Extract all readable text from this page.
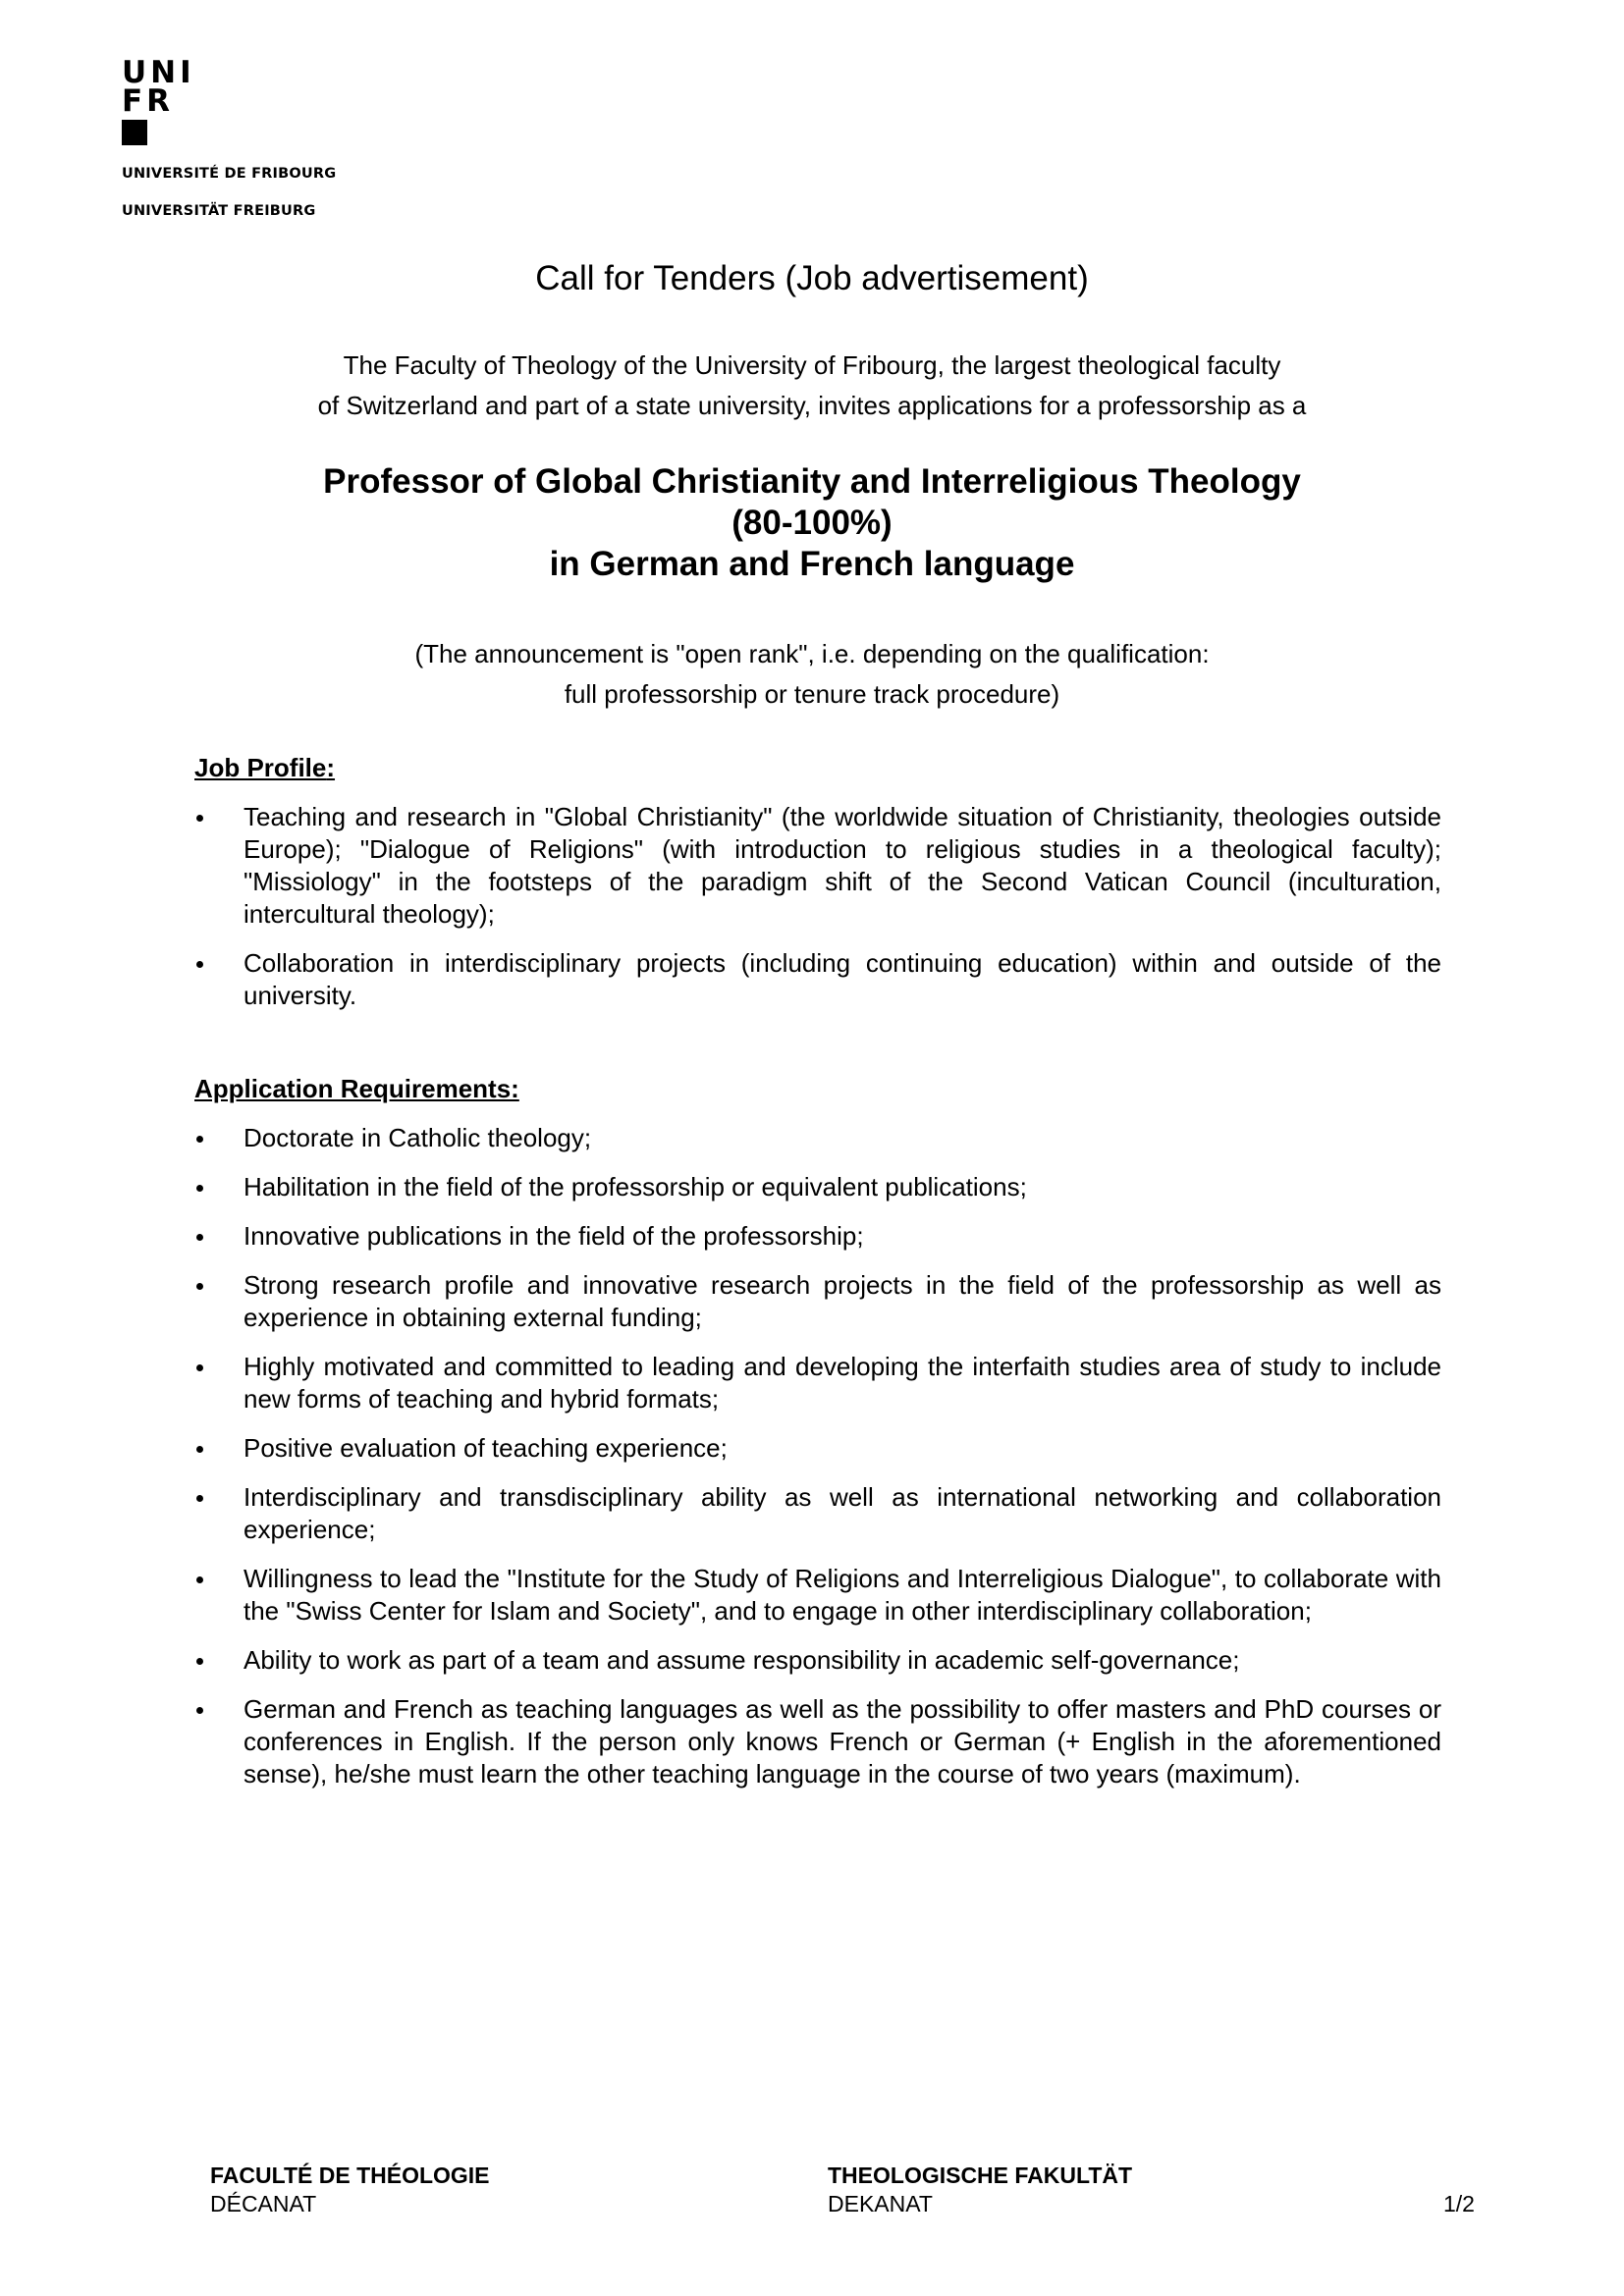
UNI
FR
UNIVERSITÉ DE FRIBOURG
UNIVERSITÄT FREIBURG
Call for Tenders (Job advertisement)
The Faculty of Theology of the University of Fribourg, the largest theological faculty
of Switzerland and part of a state university, invites applications for a professorship as a
Professor of Global Christianity and Interreligious Theology
(80-100%)
in German and French language
(The announcement is "open rank", i.e. depending on the qualification:
full professorship or tenure track procedure)
Job Profile:
Teaching and research in "Global Christianity" (the worldwide situation of Christianity, theologies outside Europe); "Dialogue of Religions" (with introduction to religious studies in a theological faculty); "Missiology" in the footsteps of the paradigm shift of the Second Vatican Council (inculturation, intercultural theology);
Collaboration in interdisciplinary projects (including continuing education) within and outside of the university.
Application Requirements:
Doctorate in Catholic theology;
Habilitation in the field of the professorship or equivalent publications;
Innovative publications in the field of the professorship;
Strong research profile and innovative research projects in the field of the professorship as well as experience in obtaining external funding;
Highly motivated and committed to leading and developing the interfaith studies area of study to include new forms of teaching and hybrid formats;
Positive evaluation of teaching experience;
Interdisciplinary and transdisciplinary ability as well as international networking and collaboration experience;
Willingness to lead the "Institute for the Study of Religions and Interreligious Dialogue", to collaborate with the "Swiss Center for Islam and Society", and to engage in other interdisciplinary collaboration;
Ability to work as part of a team and assume responsibility in academic self-governance;
German and French as teaching languages as well as the possibility to offer masters and PhD courses or conferences in English. If the person only knows French or German (+ English in the aforementioned sense), he/she must learn the other teaching language in the course of two years (maximum).
FACULTÉ DE THÉOLOGIE
DÉCANAT
THEOLOGISCHE FAKULTÄT
DEKANAT	1/2
